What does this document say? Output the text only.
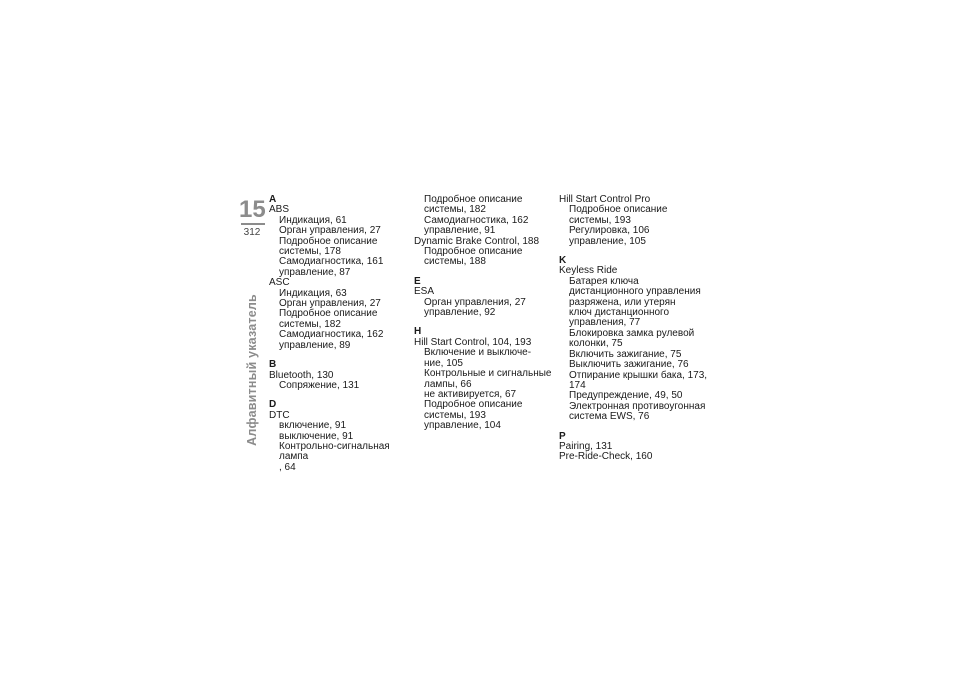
15
312
Алфавитный указатель
A
ABS
Индикация, 61
Орган управления, 27
Подробное описание
системы, 178
Самодиагностика, 161
управление, 87
ASC
Индикация, 63
Орган управления, 27
Подробное описание
системы, 182
Самодиагностика, 162
управление, 89
B
Bluetooth, 130
Сопряжение, 131
D
DTC
включение, 91
выключение, 91
Контрольно-сигнальная лампа
, 64
Подробное описание
системы, 182
Самодиагностика, 162
управление, 91
Dynamic Brake Control, 188
Подробное описание
системы, 188
E
ESA
Орган управления, 27
управление, 92
H
Hill Start Control, 104, 193
Включение и выключе-
ние, 105
Контрольные и сигнальные
лампы, 66
не активируется, 67
Подробное описание
системы, 193
управление, 104
Hill Start Control Pro
Подробное описание
системы, 193
Регулировка, 106
управление, 105
K
Keyless Ride
Батарея ключа
дистанционного управления
разряжена, или утерян
ключ дистанционного
управления, 77
Блокировка замка рулевой
колонки, 75
Включить зажигание, 75
Выключить зажигание, 76
Отпирание крышки бака, 173,
174
Предупреждение, 49, 50
Электронная противоугонная
система EWS, 76
P
Pairing, 131
Pre-Ride-Check, 160
